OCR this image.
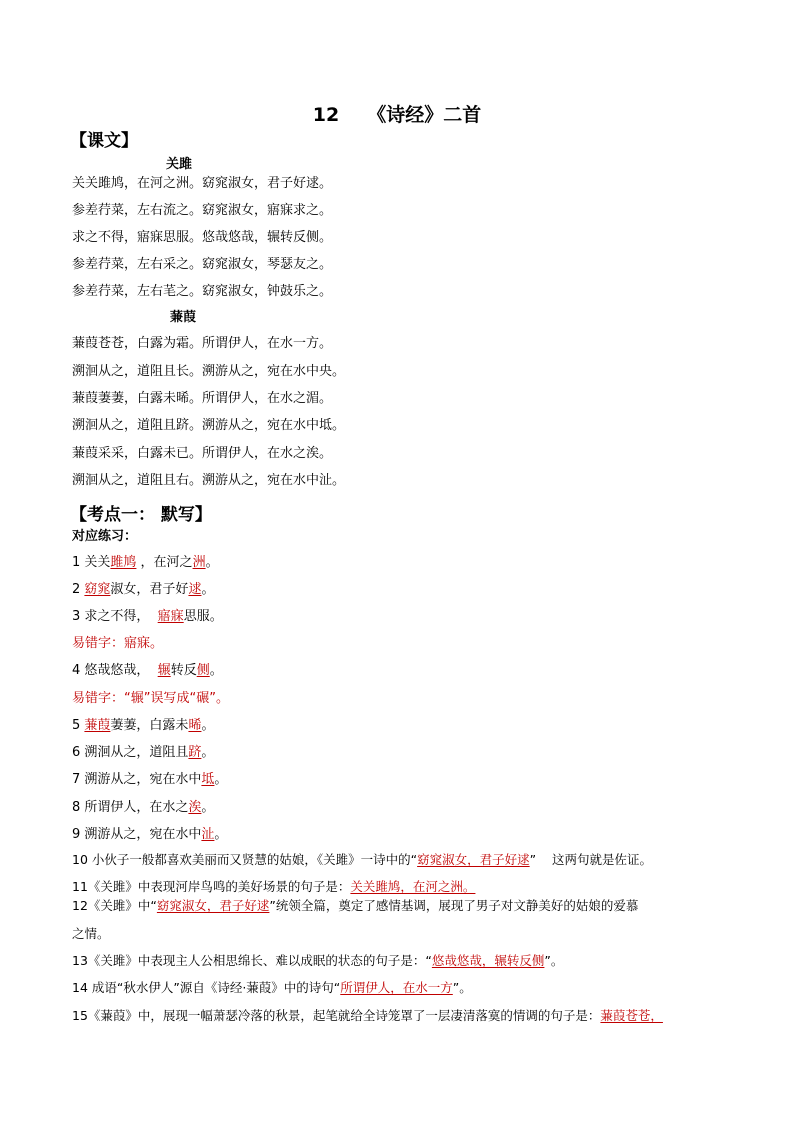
12 《诗经》二首
【课文】
关雎
关关雎鸠，在河之洲。窈窕淑女，君子好逑。
参差荇菜，左右流之。窈窕淑女，寤寐求之。
求之不得，寤寐思服。悠哉悠哉，辗转反侧。
参差荇菜，左右采之。窈窕淑女，琴瑟友之。
参差荇菜，左右芼之。窈窕淑女，钟鼓乐之。
蒹葭
蒹葭苍苍，白露为霜。所谓伊人，在水一方。
溯洄从之，道阻且长。溯游从之，宛在水中央。
蒹葭萋萋，白露未晞。所谓伊人，在水之湄。
溯洄从之，道阻且跻。溯游从之，宛在水中坻。
蒹葭采采，白露未已。所谓伊人，在水之涘。
溯洄从之，道阻且右。溯游从之，宛在水中沚。
【考点一： 默写】
对应练习：
1 关关雎鸠 ，在河之洲。
2 窈窕淑女，君子好逑。
3 求之不得，  寤寐思服。
易错字：寤寐。
4 悠哉悠哉，  辗转反侧。
易错字：“辗”误写成“碾”。
5 蒹葭萋萋，白露未晞。
6 溯洄从之，道阻且跻。
7 溯游从之，宛在水中坻。
8 所谓伊人，在水之涘。
9 溯游从之，宛在水中沚。
10 小伙子一般都喜欢美丽而又贤慧的姑娘，《关雎》一诗中的“窈窕淑女，君子好逑”    这两句就是佐证。
11《关雎》中表现河岸鸟鸣的美好场景的句子是：关关雎鸠，在河之洲。
12《关雎》中“窈窕淑女，君子好逑”统领全篇，奠定了感情基调，展现了男子对文静美好的姑娘的爱慕
之情。
13《关雎》中表现主人公相思绵长、难以成眠的状态的句子是：“悠哉悠哉，辗转反侧”。
14 成语“秋水伊人”源自《诗经·蒹葭》中的诗句“所谓伊人，在水一方”。
15《蒹葭》中，展现一幅萧瑟冷落的秋景，起笔就给全诗笼罩了一层凄清落寞的情调的句子是：蒹葭苍苍，
